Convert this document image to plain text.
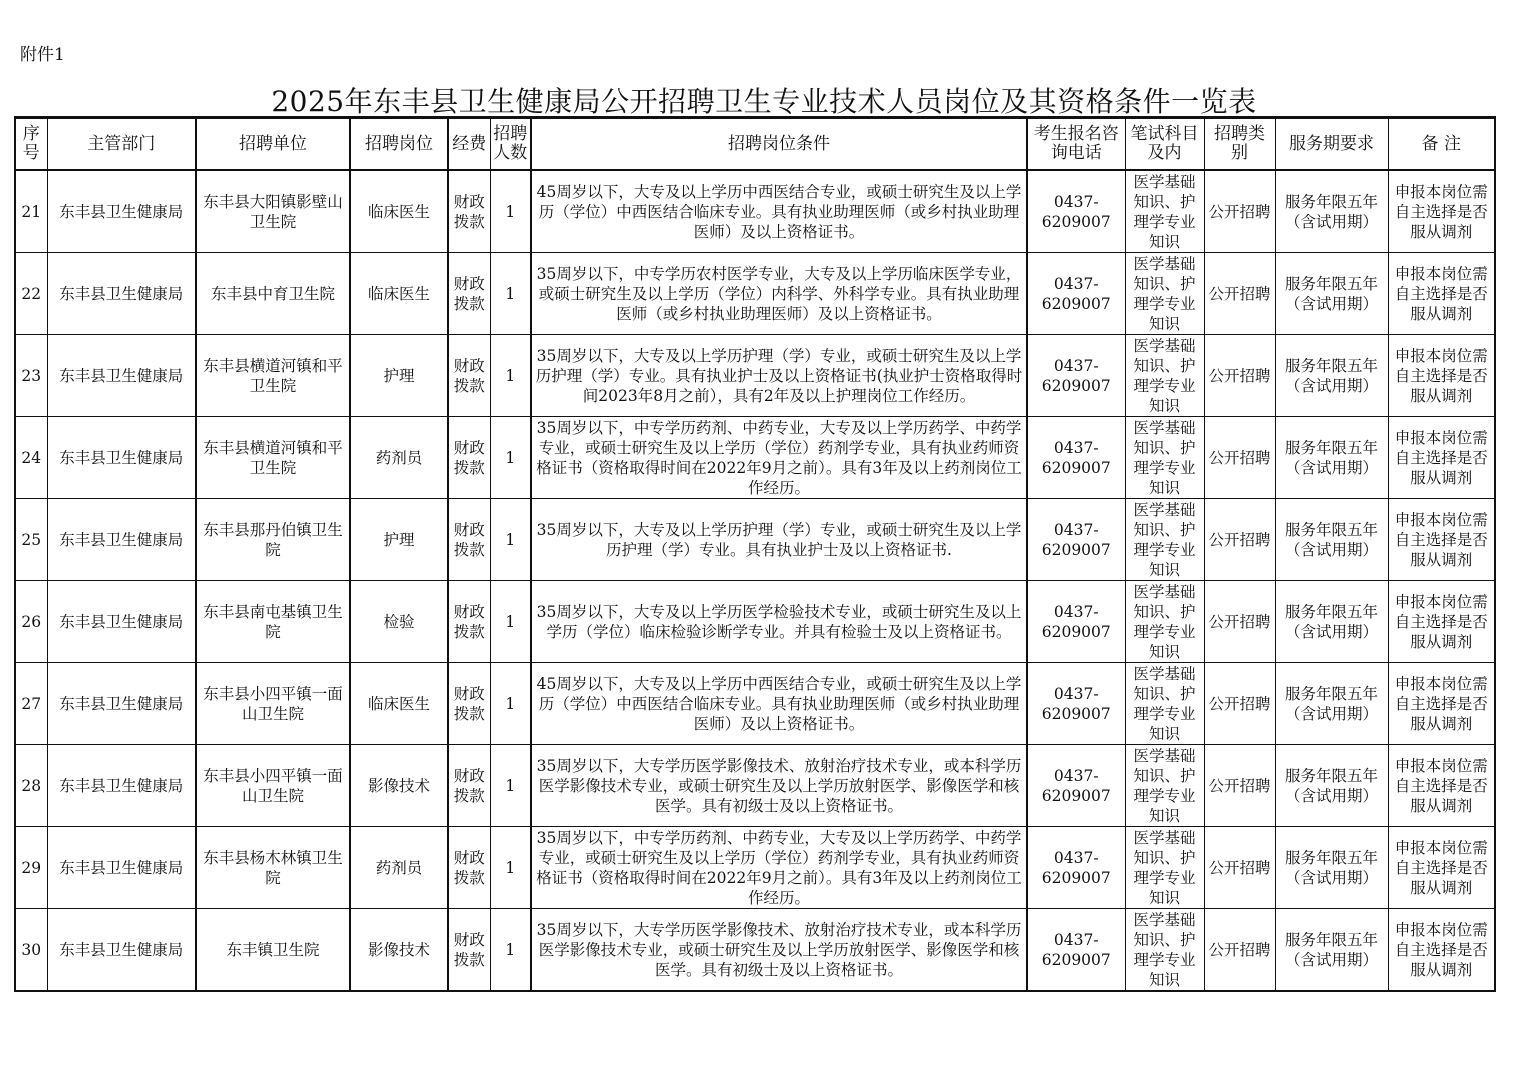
附件1
2025年东丰县卫生健康局公开招聘卫生专业技术人员岗位及其资格条件一览表
序号	主管部门	招聘单位	招聘岗位	经费	招聘人数	招聘岗位条件	考生报名咨询电话	笔试科目及内	招聘类别	服务期要求	备 注
21	东丰县卫生健康局	东丰县大阳镇影壁山卫生院	临床医生	财政拨款	1	45周岁以下，大专及以上学历中西医结合专业，或硕士研究生及以上学历（学位）中西医结合临床专业。具有执业助理医师（或乡村执业助理医师）及以上资格证书。	0437-6209007	医学基础知识、护理学专业知识	公开招聘	服务年限五年（含试用期）	申报本岗位需自主选择是否服从调剂
22	东丰县卫生健康局	东丰县中育卫生院	临床医生	财政拨款	1	35周岁以下，中专学历农村医学专业，大专及以上学历临床医学专业，或硕士研究生及以上学历（学位）内科学、外科学专业。具有执业助理医师（或乡村执业助理医师）及以上资格证书。	0437-6209007	医学基础知识、护理学专业知识	公开招聘	服务年限五年（含试用期）	申报本岗位需自主选择是否服从调剂
23	东丰县卫生健康局	东丰县横道河镇和平卫生院	护理	财政拨款	1	35周岁以下，大专及以上学历护理（学）专业，或硕士研究生及以上学历护理（学）专业。具有执业护士及以上资格证书(执业护士资格取得时间2023年8月之前），具有2年及以上护理岗位工作经历。	0437-6209007	医学基础知识、护理学专业知识	公开招聘	服务年限五年（含试用期）	申报本岗位需自主选择是否服从调剂
24	东丰县卫生健康局	东丰县横道河镇和平卫生院	药剂员	财政拨款	1	35周岁以下，中专学历药剂、中药专业，大专及以上学历药学、中药学专业，或硕士研究生及以上学历（学位）药剂学专业，具有执业药师资格证书（资格取得时间在2022年9月之前）。具有3年及以上药剂岗位工作经历。	0437-6209007	医学基础知识、护理学专业知识	公开招聘	服务年限五年（含试用期）	申报本岗位需自主选择是否服从调剂
25	东丰县卫生健康局	东丰县那丹伯镇卫生院	护理	财政拨款	1	35周岁以下，大专及以上学历护理（学）专业，或硕士研究生及以上学历护理（学）专业。具有执业护士及以上资格证书.	0437-6209007	医学基础知识、护理学专业知识	公开招聘	服务年限五年（含试用期）	申报本岗位需自主选择是否服从调剂
26	东丰县卫生健康局	东丰县南屯基镇卫生院	检验	财政拨款	1	35周岁以下，大专及以上学历医学检验技术专业，或硕士研究生及以上学历（学位）临床检验诊断学专业。并具有检验士及以上资格证书。	0437-6209007	医学基础知识、护理学专业知识	公开招聘	服务年限五年（含试用期）	申报本岗位需自主选择是否服从调剂
27	东丰县卫生健康局	东丰县小四平镇一面山卫生院	临床医生	财政拨款	1	45周岁以下，大专及以上学历中西医结合专业，或硕士研究生及以上学历（学位）中西医结合临床专业。具有执业助理医师（或乡村执业助理医师）及以上资格证书。	0437-6209007	医学基础知识、护理学专业知识	公开招聘	服务年限五年（含试用期）	申报本岗位需自主选择是否服从调剂
28	东丰县卫生健康局	东丰县小四平镇一面山卫生院	影像技术	财政拨款	1	35周岁以下，大专学历医学影像技术、放射治疗技术专业，或本科学历医学影像技术专业，或硕士研究生及以上学历放射医学、影像医学和核医学。具有初级士及以上资格证书。	0437-6209007	医学基础知识、护理学专业知识	公开招聘	服务年限五年（含试用期）	申报本岗位需自主选择是否服从调剂
29	东丰县卫生健康局	东丰县杨木林镇卫生院	药剂员	财政拨款	1	35周岁以下，中专学历药剂、中药专业，大专及以上学历药学、中药学专业，或硕士研究生及以上学历（学位）药剂学专业，具有执业药师资格证书（资格取得时间在2022年9月之前）。具有3年及以上药剂岗位工作经历。	0437-6209007	医学基础知识、护理学专业知识	公开招聘	服务年限五年（含试用期）	申报本岗位需自主选择是否服从调剂
30	东丰县卫生健康局	东丰镇卫生院	影像技术	财政拨款	1	35周岁以下，大专学历医学影像技术、放射治疗技术专业，或本科学历医学影像技术专业，或硕士研究生及以上学历放射医学、影像医学和核医学。具有初级士及以上资格证书。	0437-6209007	医学基础知识、护理学专业知识	公开招聘	服务年限五年（含试用期）	申报本岗位需自主选择是否服从调剂
